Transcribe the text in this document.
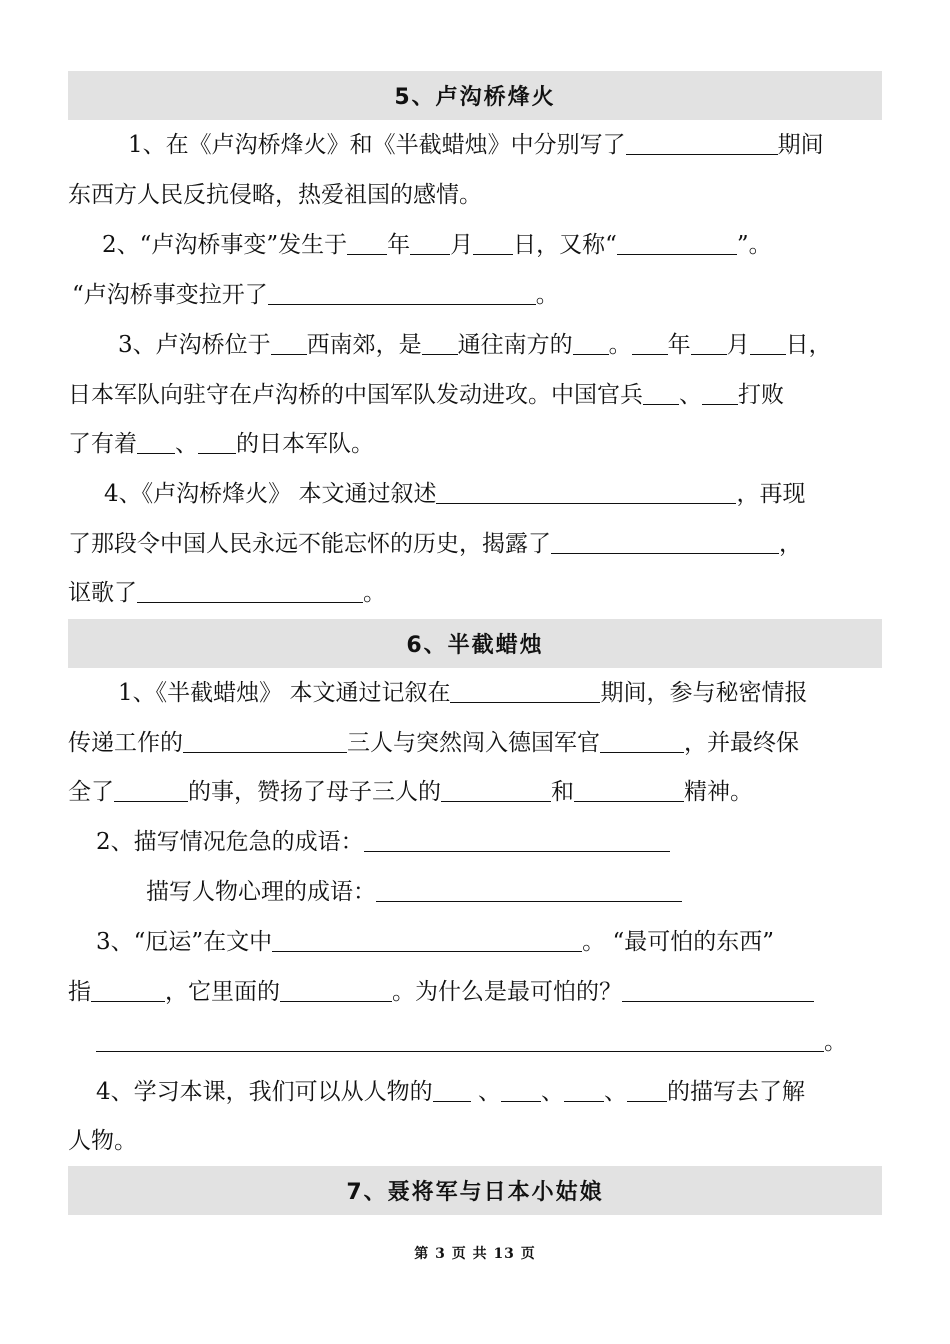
5、卢沟桥烽火
1、在《卢沟桥烽火》和《半截蜡烛》中分别写了	期间
东西方人民反抗侵略，热爱祖国的感情。
2、“卢沟桥事变”发生于 年 月 日，又称“	”。
“卢沟桥事变拉开了	。
3、卢沟桥位于 西南郊，是 通往南方的 。 年 月 日，
日本军队向驻守在卢沟桥的中国军队发动进攻。中国官兵 、 打败
了有着 、 的日本军队。
4、《卢沟桥烽火》 本文通过叙述	，再现
了那段令中国人民永远不能忘怀的历史，揭露了	，
讴歌了	。
6、半截蜡烛
1、《半截蜡烛》 本文通过记叙在	期间，参与秘密情报
传递工作的	三人与突然闯入德国军官	，并最终保
全了	的事，赞扬了母子三人的	和	精神。
2、描写情况危急的成语：
描写人物心理的成语：
3、“厄运”在文中	。 “最可怕的东西”
指	，它里面的	。为什么是最可怕的？
。
4、学习本课，我们可以从人物的 、 、 、 的描写去了解
人物。
7、聂将军与日本小姑娘
第 3 页 共 13 页
